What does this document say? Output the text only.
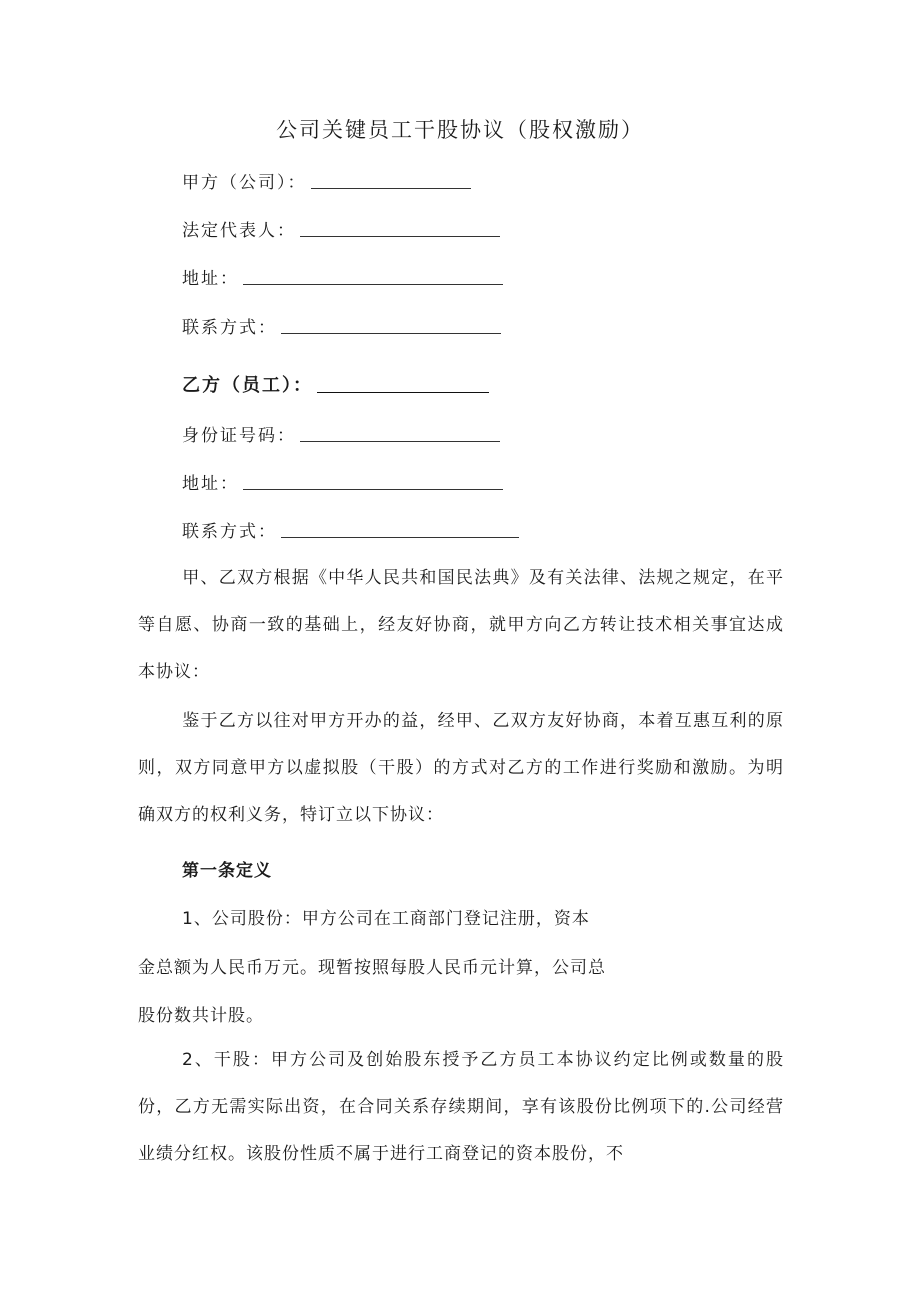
公司关键员工干股协议（股权激励）
甲方（公司）：
法定代表人：
地址：
联系方式：
乙方（员工）：
身份证号码：
地址：
联系方式：

甲、乙双方根据《中华人民共和国民法典》及有关法律、法规之规定，在平等自愿、协商一致的基础上，经友好协商，就甲方向乙方转让技术相关事宜达成本协议：

鉴于乙方以往对甲方开办的益，经甲、乙双方友好协商，本着互惠互利的原则，双方同意甲方以虚拟股（干股）的方式对乙方的工作进行奖励和激励。为明确双方的权利义务，特订立以下协议：

第一条定义

1、公司股份：甲方公司在工商部门登记注册，资本

金总额为人民币万元。现暂按照每股人民币元计算，公司总

股份数共计股。

2、干股：甲方公司及创始股东授予乙方员工本协议约定比例或数量的股份，乙方无需实际出资，在合同关系存续期间，享有该股份比例项下的.公司经营业绩分红权。该股份性质不属于进行工商登记的资本股份，不
